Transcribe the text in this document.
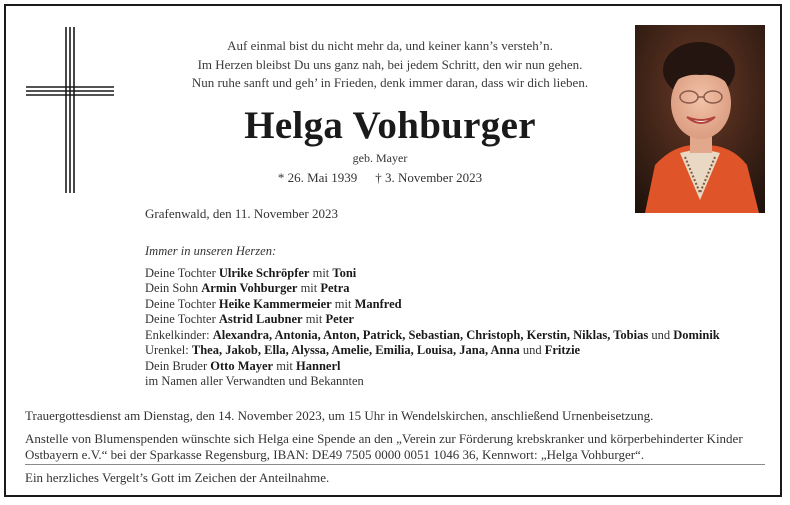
Auf einmal bist du nicht mehr da, und keiner kann’s versteh’n.
Im Herzen bleibst Du uns ganz nah, bei jedem Schritt, den wir nun gehen.
Nun ruhe sanft und geh’ in Frieden, denk immer daran, dass wir dich lieben.
Helga Vohburger
geb. Mayer
* 26. Mai 1939 † 3. November 2023
Grafenwald, den 11. November 2023
Immer in unseren Herzen:
Deine Tochter Ulrike Schröpfer mit Toni
Dein Sohn Armin Vohburger mit Petra
Deine Tochter Heike Kammermeier mit Manfred
Deine Tochter Astrid Laubner mit Peter
Enkelkinder: Alexandra, Antonia, Anton, Patrick, Sebastian, Christoph, Kerstin, Niklas, Tobias und Dominik
Urenkel: Thea, Jakob, Ella, Alyssa, Amelie, Emilia, Louisa, Jana, Anna und Fritzie
Dein Bruder Otto Mayer mit Hannerl
im Namen aller Verwandten und Bekannten
Trauergottesdienst am Dienstag, den 14. November 2023, um 15 Uhr in Wendelskirchen, anschließend Urnenbeisetzung.
Anstelle von Blumenspenden wünschte sich Helga eine Spende an den „Verein zur Förderung krebskranker und körperbehinderter Kinder
Ostbayern e.V.“ bei der Sparkasse Regensburg, IBAN: DE49 7505 0000 0051 1046 36, Kennwort: „Helga Vohburger“.
Ein herzliches Vergelt’s Gott im Zeichen der Anteilnahme.
